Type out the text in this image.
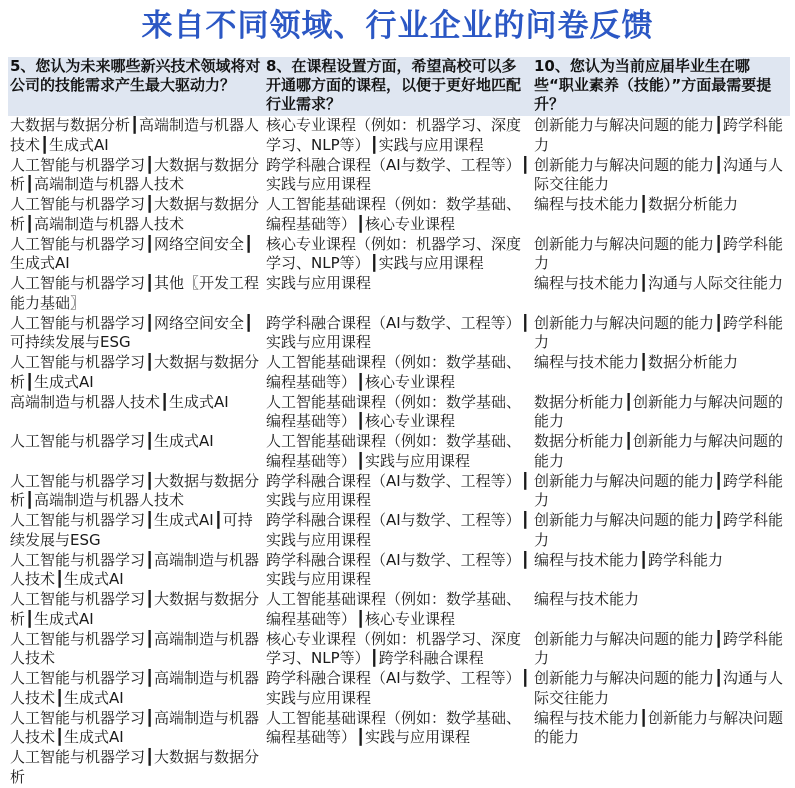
来自不同领域、行业企业的问卷反馈
5、您认为未来哪些新兴技术领域将对公司的技能需求产生最大驱动力？
大数据与数据分析┃高端制造与机器人技术┃生成式AI
人工智能与机器学习┃大数据与数据分析┃高端制造与机器人技术
人工智能与机器学习┃大数据与数据分析┃高端制造与机器人技术
人工智能与机器学习┃网络空间安全┃生成式AI
人工智能与机器学习┃其他〖开发工程能力基础〗
人工智能与机器学习┃网络空间安全┃可持续发展与ESG
人工智能与机器学习┃大数据与数据分析┃生成式AI
高端制造与机器人技术┃生成式AI
人工智能与机器学习┃生成式AI
人工智能与机器学习┃大数据与数据分析┃高端制造与机器人技术
人工智能与机器学习┃生成式AI┃可持续发展与ESG
人工智能与机器学习┃高端制造与机器人技术┃生成式AI
人工智能与机器学习┃大数据与数据分析┃生成式AI
人工智能与机器学习┃高端制造与机器人技术
人工智能与机器学习┃高端制造与机器人技术┃生成式AI
人工智能与机器学习┃高端制造与机器人技术┃生成式AI
人工智能与机器学习┃大数据与数据分析
8、在课程设置方面，希望高校可以多开通哪方面的课程，以便于更好地匹配行业需求？
核心专业课程（例如：机器学习、深度学习、NLP等）┃实践与应用课程
跨学科融合课程（AI与数学、工程等）┃实践与应用课程
人工智能基础课程（例如：数学基础、编程基础等）┃核心专业课程
核心专业课程（例如：机器学习、深度学习、NLP等）┃实践与应用课程
实践与应用课程
跨学科融合课程（AI与数学、工程等）┃实践与应用课程
人工智能基础课程（例如：数学基础、编程基础等）┃核心专业课程
人工智能基础课程（例如：数学基础、编程基础等）┃核心专业课程
人工智能基础课程（例如：数学基础、编程基础等）┃实践与应用课程
跨学科融合课程（AI与数学、工程等）┃实践与应用课程
跨学科融合课程（AI与数学、工程等）┃实践与应用课程
跨学科融合课程（AI与数学、工程等）┃实践与应用课程
人工智能基础课程（例如：数学基础、编程基础等）┃核心专业课程
核心专业课程（例如：机器学习、深度学习、NLP等）┃跨学科融合课程
跨学科融合课程（AI与数学、工程等）┃实践与应用课程
人工智能基础课程（例如：数学基础、编程基础等）┃实践与应用课程
10、您认为当前应届毕业生在哪些“职业素养（技能）”方面最需要提升？
创新能力与解决问题的能力┃跨学科能力
创新能力与解决问题的能力┃沟通与人际交往能力
编程与技术能力┃数据分析能力
创新能力与解决问题的能力┃跨学科能力
编程与技术能力┃沟通与人际交往能力
创新能力与解决问题的能力┃跨学科能力
编程与技术能力┃数据分析能力
数据分析能力┃创新能力与解决问题的能力
数据分析能力┃创新能力与解决问题的能力
创新能力与解决问题的能力┃跨学科能力
创新能力与解决问题的能力┃跨学科能力
编程与技术能力┃跨学科能力
编程与技术能力
创新能力与解决问题的能力┃跨学科能力
创新能力与解决问题的能力┃沟通与人际交往能力
编程与技术能力┃创新能力与解决问题的能力
